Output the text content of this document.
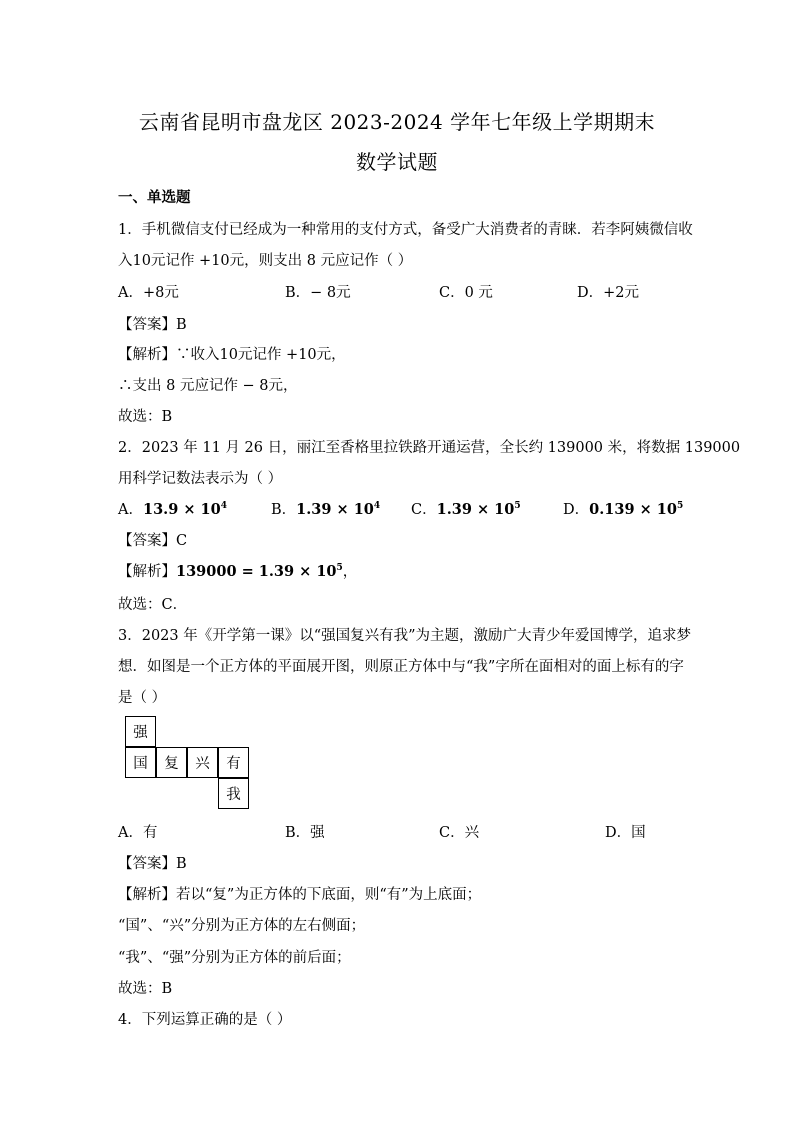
云南省昆明市盘龙区 2023-2024 学年七年级上学期期末
数学试题
一、单选题
1．手机微信支付已经成为一种常用的支付方式，备受广大消费者的青睐．若李阿姨微信收
入10元记作 +10元，则支出 8 元应记作（ ）
A．+8元	B．− 8元	C．0 元	D．+2元
【答案】B
【解析】∵收入10元记作 +10元，
∴支出 8 元应记作 − 8元，
故选：B
2．2023 年 11 月 26 日，丽江至香格里拉铁路开通运营，全长约 139000 米，将数据 139000
用科学记数法表示为（ ）
A．$13.9 \times 10^4$	B．$1.39 \times 10^4$ C．$1.39 \times 10^5$	D．$0.139 \times 10^5$
【答案】C
【解析】$139000 = 1.39 \times 10^5$，
故选：C．
3．2023 年《开学第一课》以“强国复兴有我”为主题，激励广大青少年爱国博学，追求梦
想．如图是一个正方体的平面展开图，则原正方体中与“我”字所在面相对的面上标有的字
是（ ）
强
国	复	兴	有
我
A．有	B．强	C．兴	D．国
【答案】B
【解析】若以“复”为正方体的下底面，则“有”为上底面；
“国”、“兴”分别为正方体的左右侧面；
“我”、“强”分别为正方体的前后面；
故选：B
4．下列运算正确的是（ ）
